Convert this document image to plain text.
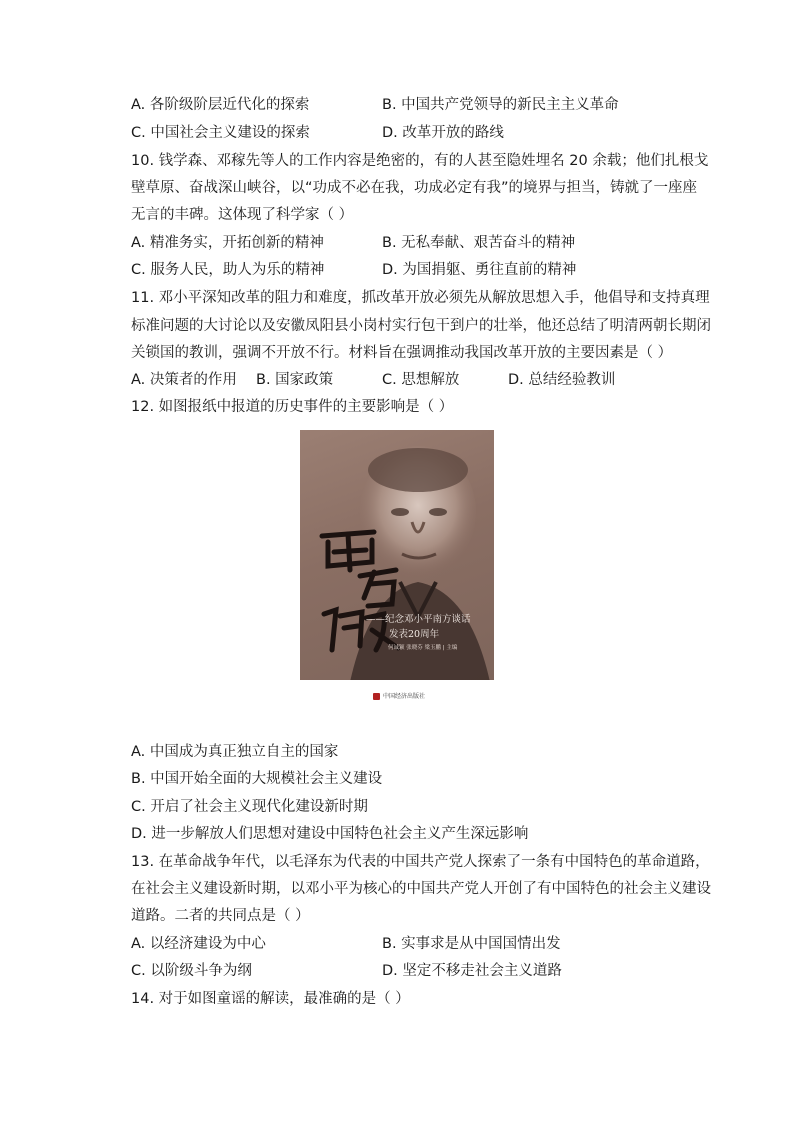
A. 各阶级阶层近代化的探索	B. 中国共产党领导的新民主主义革命
C. 中国社会主义建设的探索	D. 改革开放的路线
10. 钱学森、邓稼先等人的工作内容是绝密的，有的人甚至隐姓埋名 20 余载；他们扎根戈
壁草原、奋战深山峡谷，以“功成不必在我，功成必定有我”的境界与担当，铸就了一座座
无言的丰碑。这体现了科学家（ ）
A. 精准务实，开拓创新的精神	B. 无私奉献、艰苦奋斗的精神
C. 服务人民，助人为乐的精神	D. 为国捐躯、勇往直前的精神
11. 邓小平深知改革的阻力和难度，抓改革开放必须先从解放思想入手，他倡导和支持真理
标准问题的大讨论以及安徽凤阳县小岗村实行包干到户的壮举，他还总结了明清两朝长期闭
关锁国的教训，强调不开放不行。材料旨在强调推动我国改革开放的主要因素是（ ）
A. 决策者的作用 B. 国家政策	C. 思想解放	D. 总结经验教训
12. 如图报纸中报道的历史事件的主要影响是（ ）
——纪念邓小平南方谈话
发表20周年
何诚颖 张晓芬 梁玉鹏 | 主编
中国经济出版社
A. 中国成为真正独立自主的国家
B. 中国开始全面的大规模社会主义建设
C. 开启了社会主义现代化建设新时期
D. 进一步解放人们思想对建设中国特色社会主义产生深远影响
13. 在革命战争年代，以毛泽东为代表的中国共产党人探索了一条有中国特色的革命道路，
在社会主义建设新时期，以邓小平为核心的中国共产党人开创了有中国特色的社会主义建设
道路。二者的共同点是（ ）
A. 以经济建设为中心	B. 实事求是从中国国情出发
C. 以阶级斗争为纲	D. 坚定不移走社会主义道路
14. 对于如图童谣的解读，最准确的是（ ）
